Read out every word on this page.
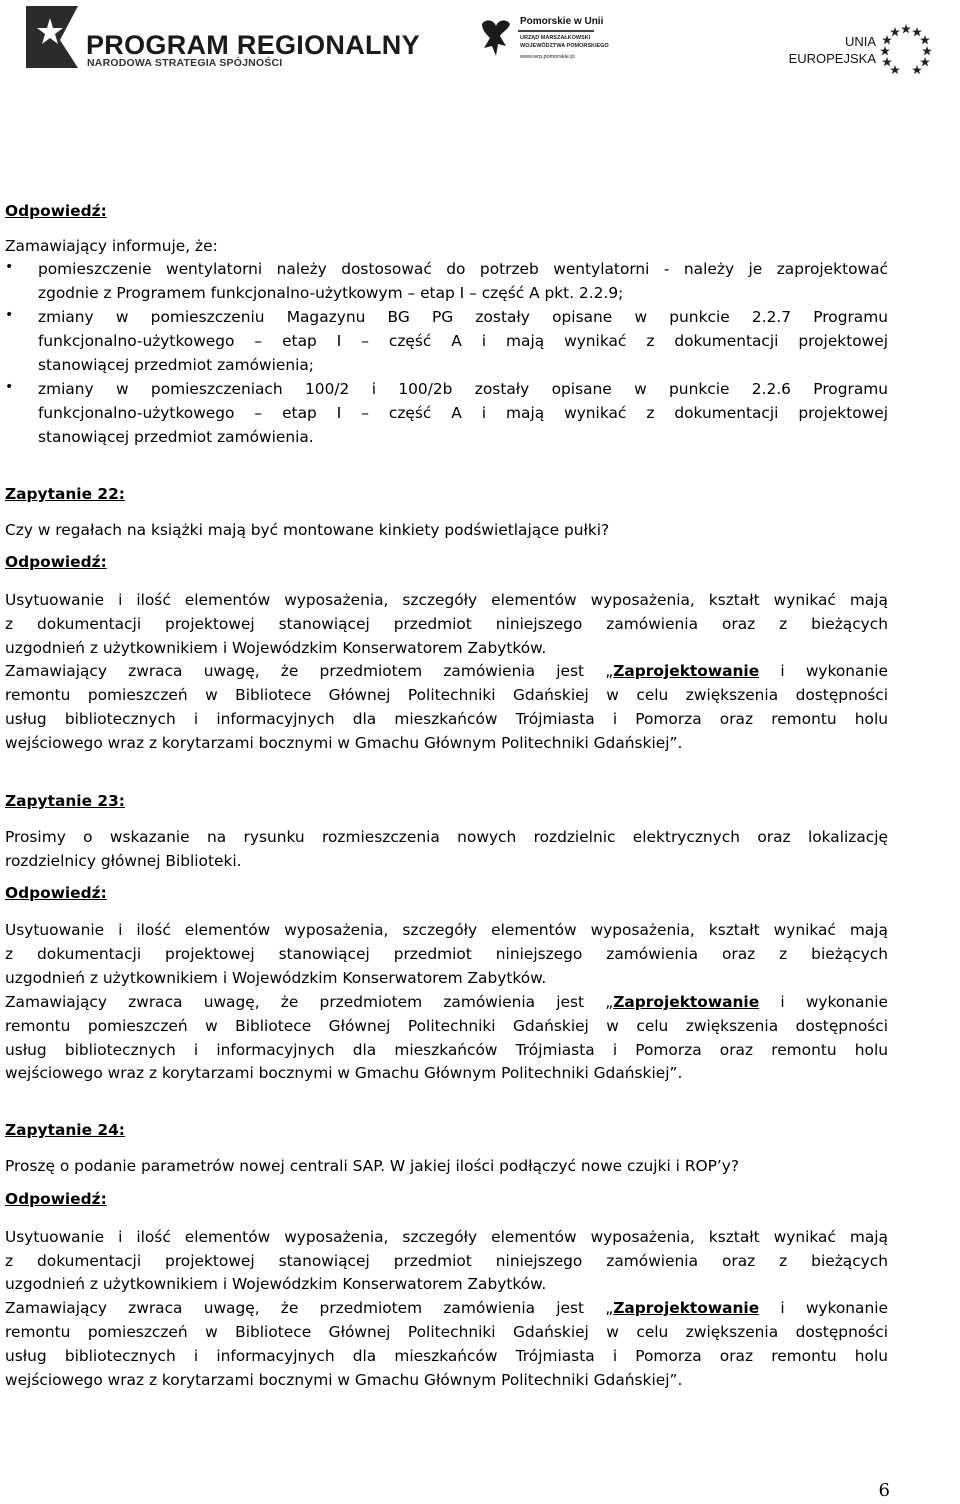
PROGRAM REGIONALNY
NARODOWA STRATEGIA SPÓJNOŚCI
Pomorskie w Unii
URZĄD MARSZAŁKOWSKI
WOJEWÓDZTWA POMORSKIEGO
www.wrp.pomorskie.pl
UNIA
EUROPEJSKA
Odpowiedź:
Zamawiający informuje, że:
• pomieszczenie wentylatorni należy dostosować do potrzeb wentylatorni - należy je zaprojektować
zgodnie z Programem funkcjonalno-użytkowym – etap I – część A pkt. 2.2.9;
• zmiany w pomieszczeniu Magazynu BG PG zostały opisane w punkcie 2.2.7 Programu
funkcjonalno-użytkowego – etap I – część A i mają wynikać z dokumentacji projektowej
stanowiącej przedmiot zamówienia;
• zmiany w pomieszczeniach 100/2 i 100/2b zostały opisane w punkcie 2.2.6 Programu
funkcjonalno-użytkowego – etap I – część A i mają wynikać z dokumentacji projektowej
stanowiącej przedmiot zamówienia.
Zapytanie 22:
Czy w regałach na książki mają być montowane kinkiety podświetlające pułki?
Odpowiedź:
Usytuowanie i ilość elementów wyposażenia, szczegóły elementów wyposażenia, kształt wynikać mają
z dokumentacji projektowej stanowiącej przedmiot niniejszego zamówienia oraz z bieżących
uzgodnień z użytkownikiem i Wojewódzkim Konserwatorem Zabytków.
Zamawiający zwraca uwagę, że przedmiotem zamówienia jest „Zaprojektowanie i wykonanie
remontu pomieszczeń w Bibliotece Głównej Politechniki Gdańskiej w celu zwiększenia dostępności
usług bibliotecznych i informacyjnych dla mieszkańców Trójmiasta i Pomorza oraz remontu holu
wejściowego wraz z korytarzami bocznymi w Gmachu Głównym Politechniki Gdańskiej”.
Zapytanie 23:
Prosimy o wskazanie na rysunku rozmieszczenia nowych rozdzielnic elektrycznych oraz lokalizację
rozdzielnicy głównej Biblioteki.
Odpowiedź:
Usytuowanie i ilość elementów wyposażenia, szczegóły elementów wyposażenia, kształt wynikać mają
z dokumentacji projektowej stanowiącej przedmiot niniejszego zamówienia oraz z bieżących
uzgodnień z użytkownikiem i Wojewódzkim Konserwatorem Zabytków.
Zamawiający zwraca uwagę, że przedmiotem zamówienia jest „Zaprojektowanie i wykonanie
remontu pomieszczeń w Bibliotece Głównej Politechniki Gdańskiej w celu zwiększenia dostępności
usług bibliotecznych i informacyjnych dla mieszkańców Trójmiasta i Pomorza oraz remontu holu
wejściowego wraz z korytarzami bocznymi w Gmachu Głównym Politechniki Gdańskiej”.
Zapytanie 24:
Proszę o podanie parametrów nowej centrali SAP. W jakiej ilości podłączyć nowe czujki i ROP’y?
Odpowiedź:
Usytuowanie i ilość elementów wyposażenia, szczegóły elementów wyposażenia, kształt wynikać mają
z dokumentacji projektowej stanowiącej przedmiot niniejszego zamówienia oraz z bieżących
uzgodnień z użytkownikiem i Wojewódzkim Konserwatorem Zabytków.
Zamawiający zwraca uwagę, że przedmiotem zamówienia jest „Zaprojektowanie i wykonanie
remontu pomieszczeń w Bibliotece Głównej Politechniki Gdańskiej w celu zwiększenia dostępności
usług bibliotecznych i informacyjnych dla mieszkańców Trójmiasta i Pomorza oraz remontu holu
wejściowego wraz z korytarzami bocznymi w Gmachu Głównym Politechniki Gdańskiej”.
6
